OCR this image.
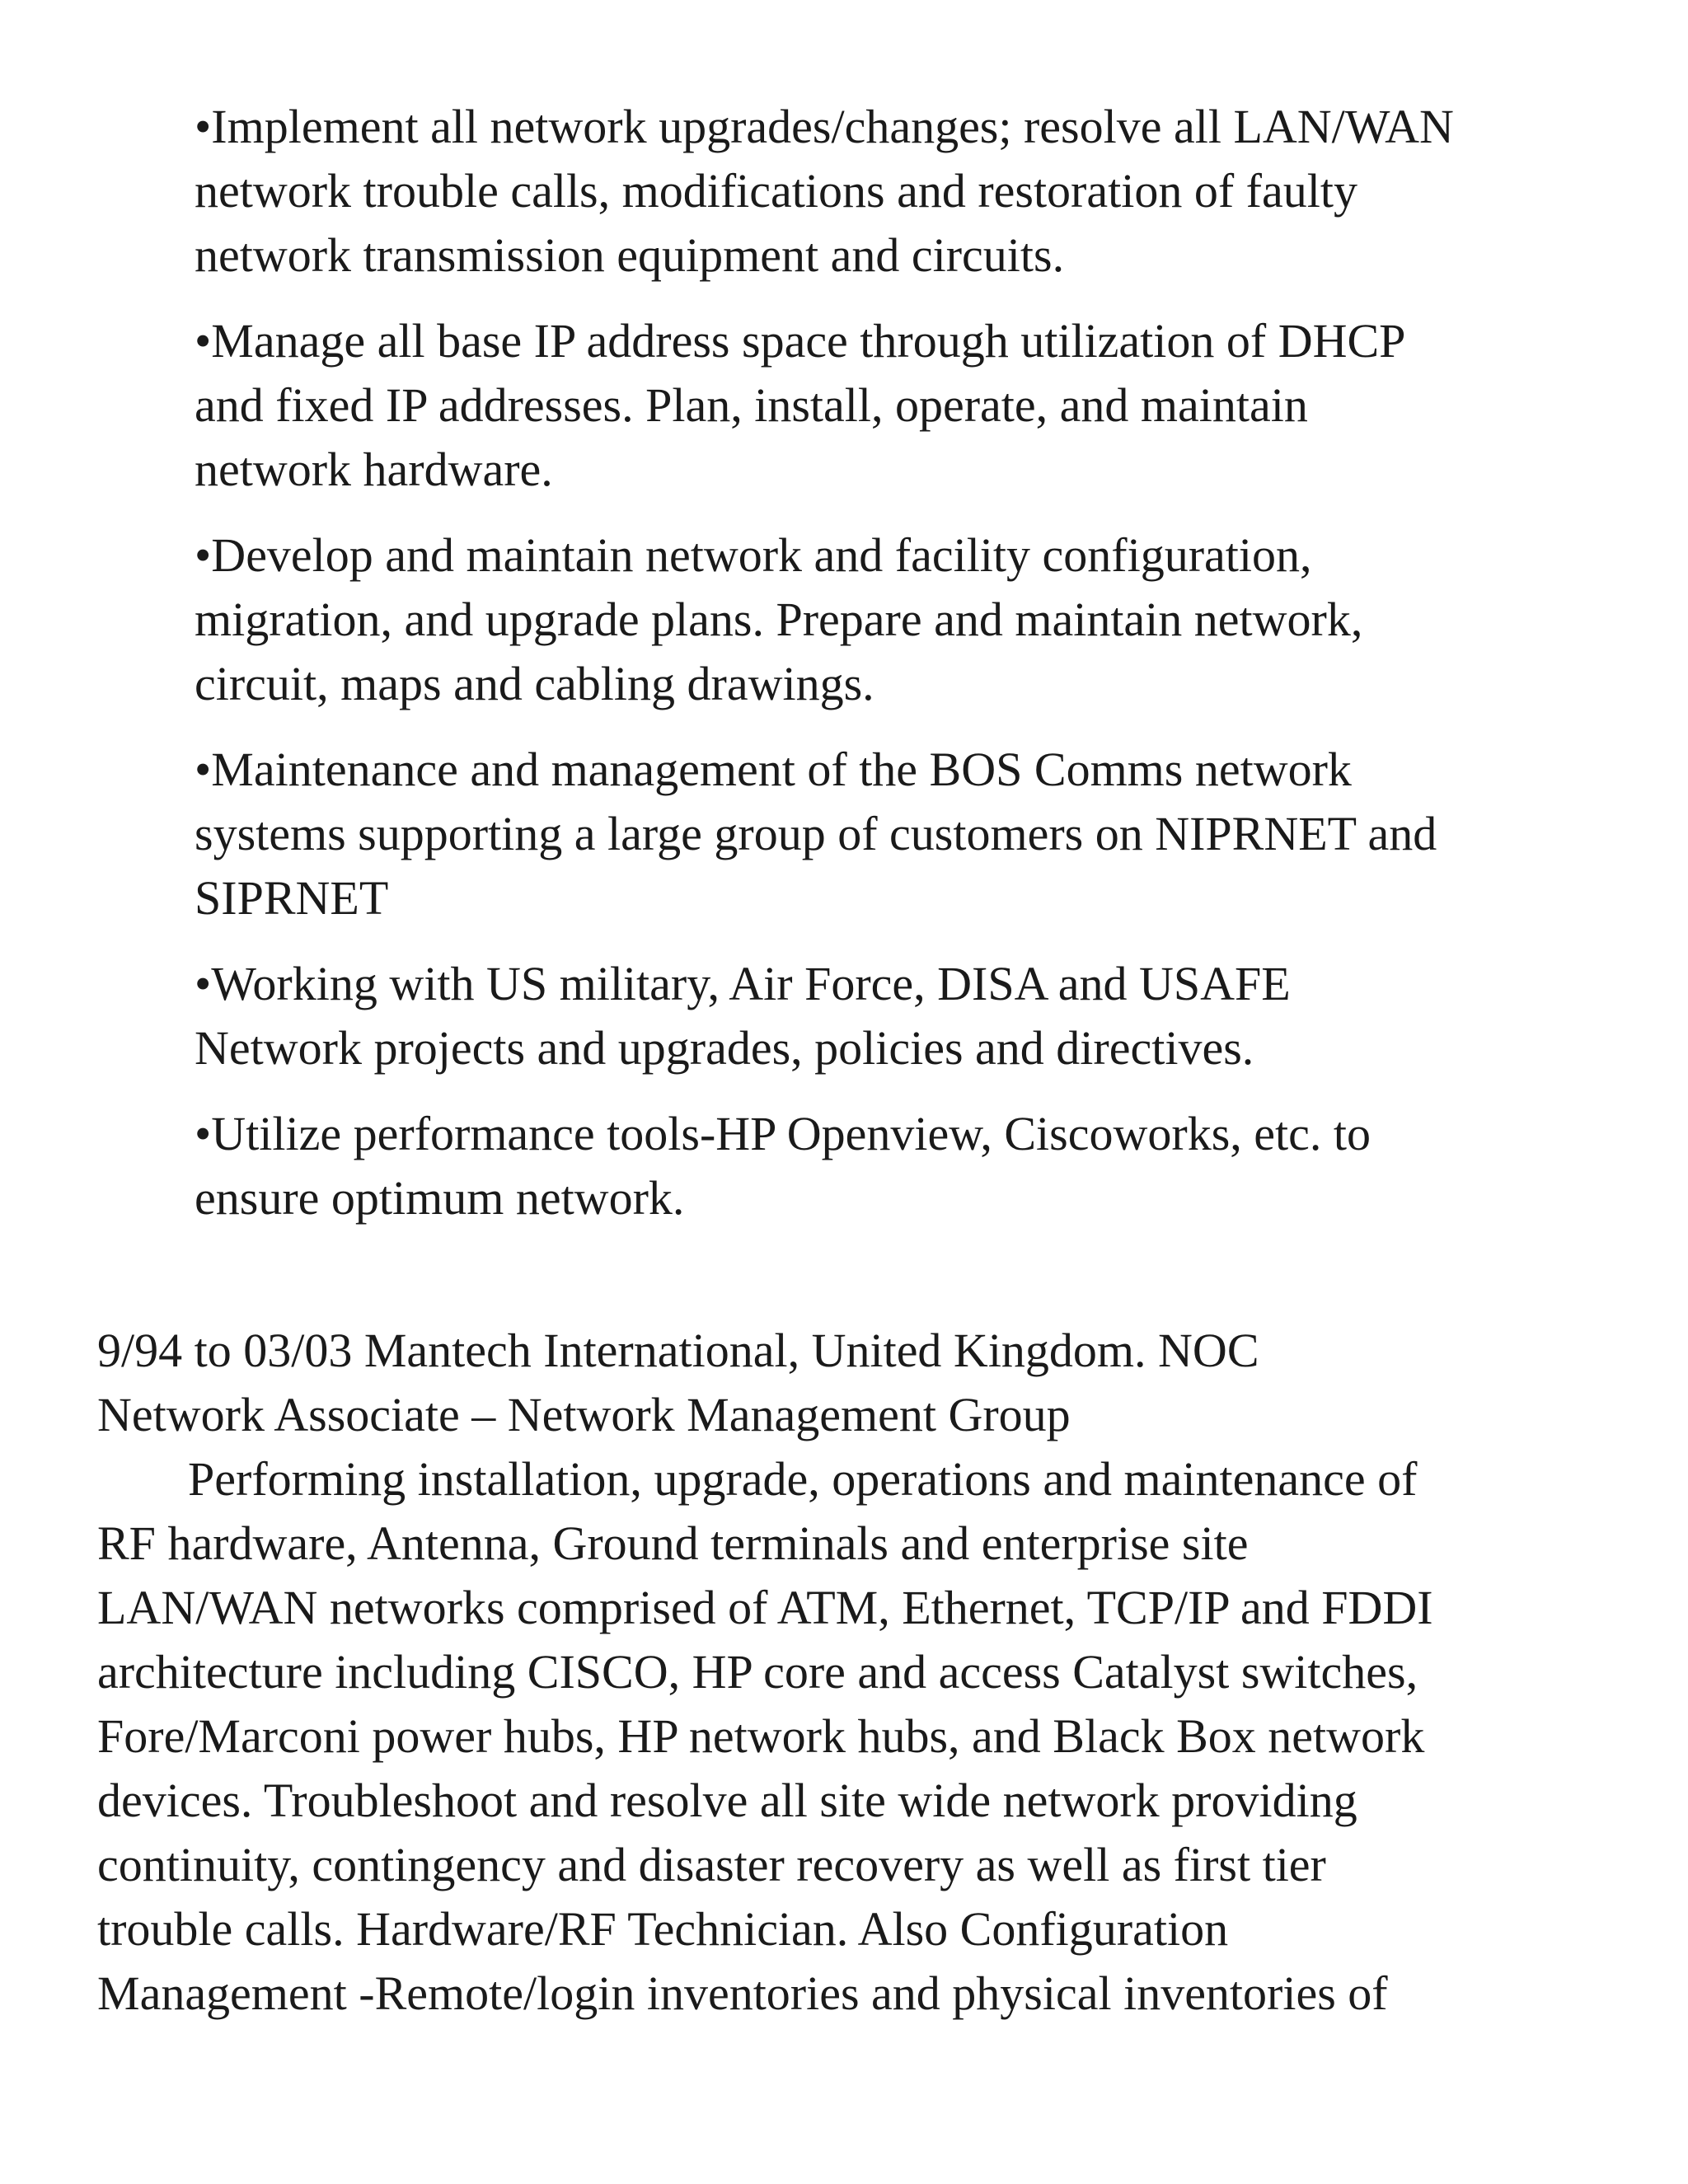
•Implement all network upgrades/changes; resolve all LAN/WAN

network trouble calls, modifications and restoration of faulty

network transmission equipment and circuits.

•Manage all base IP address space through utilization of DHCP

and fixed IP addresses. Plan, install, operate, and maintain

network hardware.

•Develop and maintain network and facility configuration,

migration, and upgrade plans. Prepare and maintain network,

circuit, maps and cabling drawings.

•Maintenance and management of the BOS Comms network

systems supporting a large group of customers on NIPRNET and

SIPRNET

•Working with US military, Air Force, DISA and USAFE

Network projects and upgrades, policies and directives.

•Utilize performance tools-HP Openview, Ciscoworks, etc. to

ensure optimum network.

9/94 to 03/03 Mantech International, United Kingdom. NOC

Network Associate – Network Management Group

Performing installation, upgrade, operations and maintenance of

RF hardware, Antenna, Ground terminals and enterprise site

LAN/WAN networks comprised of ATM, Ethernet, TCP/IP and FDDI

architecture including CISCO, HP core and access Catalyst switches,

Fore/Marconi power hubs, HP network hubs, and Black Box network

devices. Troubleshoot and resolve all site wide network providing

continuity, contingency and disaster recovery as well as first tier

trouble calls. Hardware/RF Technician. Also Configuration

Management -Remote/login inventories and physical inventories of
